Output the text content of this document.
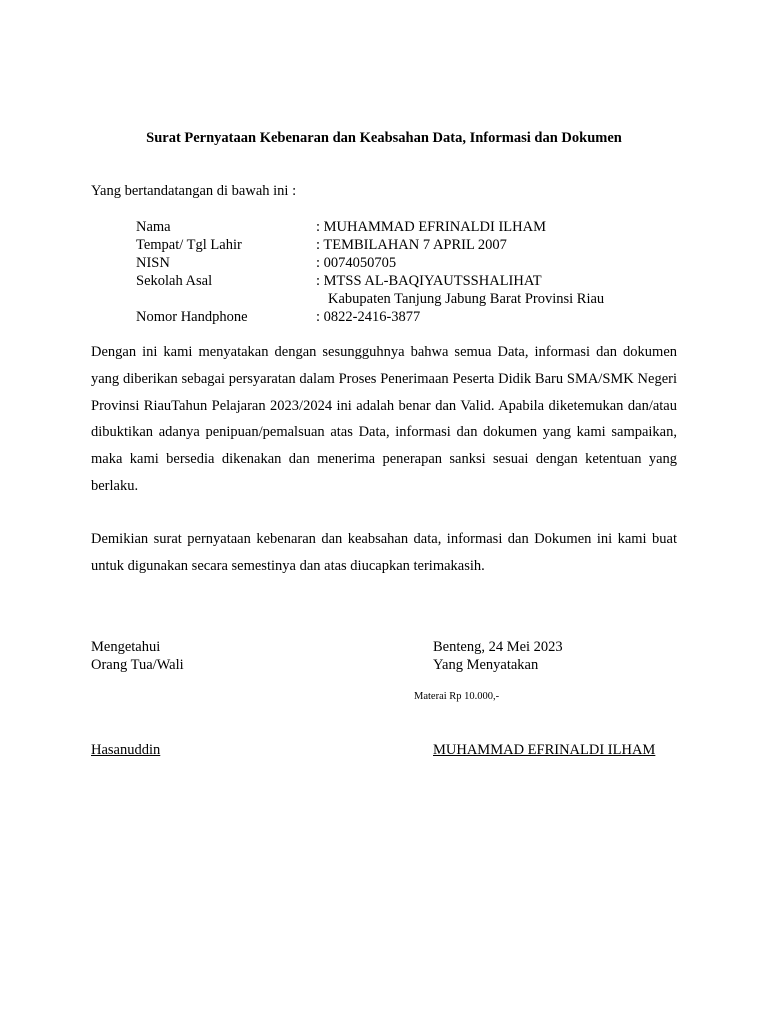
Surat Pernyataan Kebenaran dan Keabsahan Data, Informasi dan Dokumen
Yang bertandatangan di bawah ini :
Nama	: MUHAMMAD EFRINALDI ILHAM
Tempat/ Tgl Lahir	: TEMBILAHAN 7 APRIL 2007
NISN	: 0074050705
Sekolah Asal	: MTSS AL-BAQIYAUTSSHALIHAT
Kabupaten Tanjung Jabung Barat Provinsi Riau
Nomor Handphone	: 0822-2416-3877
Dengan ini kami menyatakan dengan sesungguhnya bahwa semua Data, informasi dan dokumen yang diberikan sebagai persyaratan dalam Proses Penerimaan Peserta Didik Baru SMA/SMK Negeri Provinsi RiauTahun Pelajaran 2023/2024 ini adalah benar dan Valid. Apabila diketemukan dan/atau dibuktikan adanya penipuan/pemalsuan atas Data, informasi dan dokumen yang kami sampaikan, maka kami bersedia dikenakan dan menerima penerapan sanksi sesuai dengan ketentuan yang berlaku.
Demikian surat pernyataan kebenaran dan keabsahan data, informasi dan Dokumen ini kami buat untuk digunakan secara semestinya dan atas diucapkan terimakasih.
Mengetahui
Orang Tua/Wali
Benteng, 24 Mei 2023
Yang Menyatakan
Materai Rp 10.000,-
Hasanuddin	MUHAMMAD EFRINALDI ILHAM
